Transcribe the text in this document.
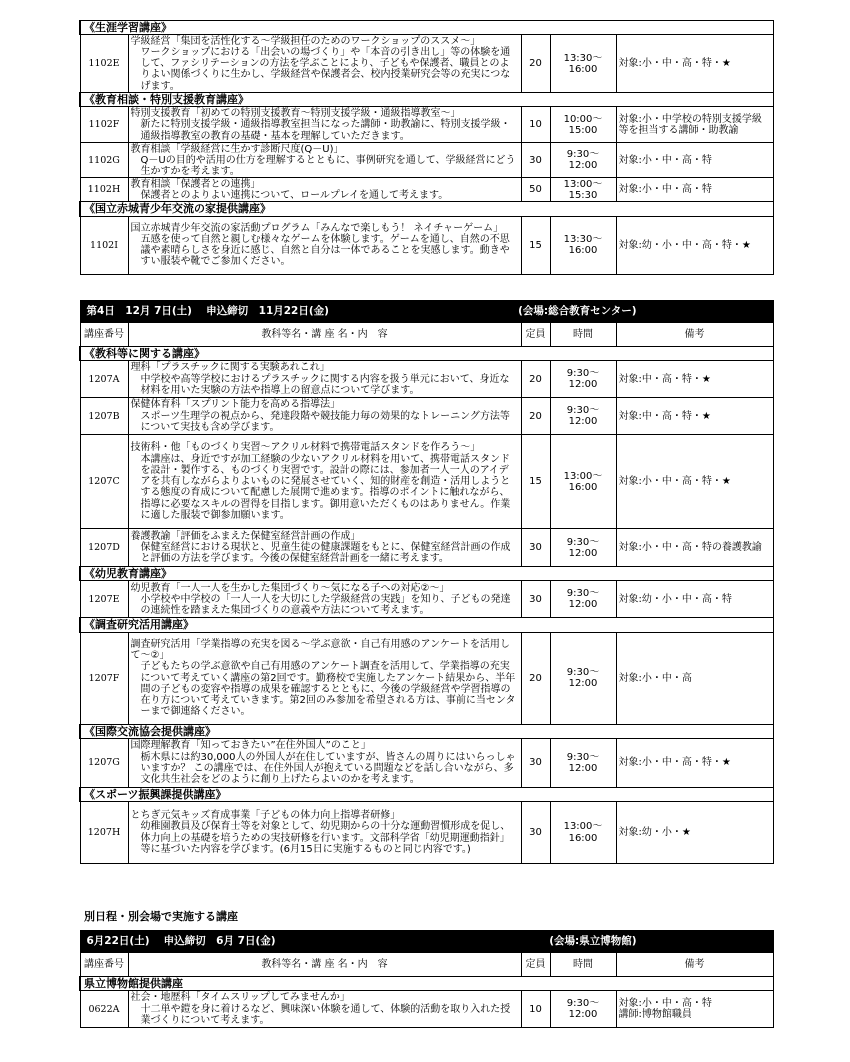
《生涯学習講座》				
1102E	学級経営「集団を活性化する～学級担任のためのワークショップのススメ～」
ワークショップにおける「出会いの場づくり」や「本音の引き出し」等の体験を通して、ファシリテーションの方法を学ぶことにより、子どもや保護者、職員とのよりよい関係づくりに生かし、学級経営や保護者会、校内授業研究会等の充実につなげます。	20	13:30～16:00	対象:小・中・高・特・★
《教育相談・特別支援教育講座》				
1102F	特別支援教育「初めての特別支援教育～特別支援学級・通級指導教室～」
新たに特別支援学級・通級指導教室担当になった講師・助教諭に、特別支援学級・通級指導教室の教育の基礎・基本を理解していただきます。	10	10:00～15:00	対象:小・中学校の特別支援学級等を担当する講師・助教諭
1102G	教育相談「学級経営に生かす診断尺度(Q－U)」
Q－Uの目的や活用の仕方を理解するとともに、事例研究を通して、学級経営にどう生かすかを考えます。	30	9:30～12:00	対象:小・中・高・特
1102H	教育相談「保護者との連携」
保護者とのよりよい連携について、ロールプレイを通して考えます。	50	13:00～15:30	対象:小・中・高・特
《国立赤城青少年交流の家提供講座》				
1102I	国立赤城青少年交流の家活動プログラム「みんなで楽しもう！ ネイチャーゲーム」
五感を使って自然と親しむ様々なゲームを体験します。ゲームを通し、自然の不思議や素晴らしさを身近に感じ、自然と自分は一体であることを実感します。動きやすい服装や靴でご参加ください。	15	13:30～16:00	対象:幼・小・中・高・特・★
第4日　12月 7日(土)　 申込締切　11月22日(金) (会場:総合教育センター)				

講座番号	教科等名・講 座 名・内　容	定員	時間	備考
《教科等に関する講座》				
1207A	理科「プラスチックに関する実験あれこれ」
中学校や高等学校におけるプラスチックに関する内容を扱う単元において、身近な材料を用いた実験の方法や指導上の留意点について学びます。	20	9:30～12:00	対象:中・高・特・★
1207B	保健体育科「スプリント能力を高める指導法」
スポーツ生理学の視点から、発達段階や競技能力毎の効果的なトレーニング方法等について実技も含め学びます。	20	9:30～12:00	対象:中・高・特・★
1207C	技術科・他「ものづくり実習～アクリル材料で携帯電話スタンドを作ろう～」
本講座は、身近ですが加工経験の少ないアクリル材料を用いて、携帯電話スタンドを設計・製作する、ものづくり実習です。設計の際には、参加者一人一人のアイデアを共有しながらよりよいものに発展させていく、知的財産を創造・活用しようとする態度の育成について配慮した展開で進めます。指導のポイントに触れながら、指導に必要なスキルの習得を目指します。御用意いただくものはありません。作業に適した服装で御参加願います。	15	13:00～16:00	対象:小・中・高・特・★
1207D	養護教諭「評価をふまえた保健室経営計画の作成」
保健室経営における現状と、児童生徒の健康課題をもとに、保健室経営計画の作成と評価の方法を学びます。今後の保健室経営計画を一緒に考えます。	30	9:30～12:00	対象:小・中・高・特の養護教諭
《幼児教育講座》				
1207E	幼児教育「一人一人を生かした集団づくり～気になる子への対応②～」
小学校や中学校の「一人一人を大切にした学級経営の実践」を知り、子どもの発達の連続性を踏まえた集団づくりの意義や方法について考えます。	30	9:30～12:00	対象:幼・小・中・高・特
《調査研究活用講座》				
1207F	調査研究活用「学業指導の充実を図る～学ぶ意欲・自己有用感のアンケートを活用して～②」
子どもたちの学ぶ意欲や自己有用感のアンケート調査を活用して、学業指導の充実について考えていく講座の第2回です。勤務校で実施したアンケート結果から、半年間の子どもの変容や指導の成果を確認するとともに、今後の学級経営や学習指導の在り方について考えていきます。第2回のみ参加を希望される方は、事前に当センターまで御連絡ください。	20	9:30～12:00	対象:小・中・高
《国際交流協会提供講座》				
1207G	国際理解教育「知っておきたい”在住外国人”のこと」
栃木県には約30,000人の外国人が在住していますが、皆さんの周りにはいらっしゃいますか？ この講座では、在住外国人が抱えている問題などを話し合いながら、多文化共生社会をどのように創り上げたらよいのかを考えます。	30	9:30～12:00	対象:小・中・高・特・★
《スポーツ振興課提供講座》				
1207H	とちぎ元気キッズ育成事業「子どもの体力向上指導者研修」
幼稚園教員及び保育士等を対象として、幼児期からの十分な運動習慣形成を促し、体力向上の基礎を培うための実技研修を行います。文部科学省「幼児期運動指針」等に基づいた内容を学びます。(6月15日に実施するものと同じ内容です。)	30	13:00～16:00	対象:幼・小・★
別日程・別会場で実施する講座
6月22日(土)　 申込締切　6月 7日(金) (会場:県立博物館)				

講座番号	教科等名・講 座 名・内　容	定員	時間	備考
県立博物館提供講座				
0622A	社会・地歴科「タイムスリップしてみませんか」
十二単や鎧を身に着けるなど、興味深い体験を通して、体験的活動を取り入れた授業づくりについて考えます。	10	9:30～12:00	対象:小・中・高・特
講師:博物館職員
